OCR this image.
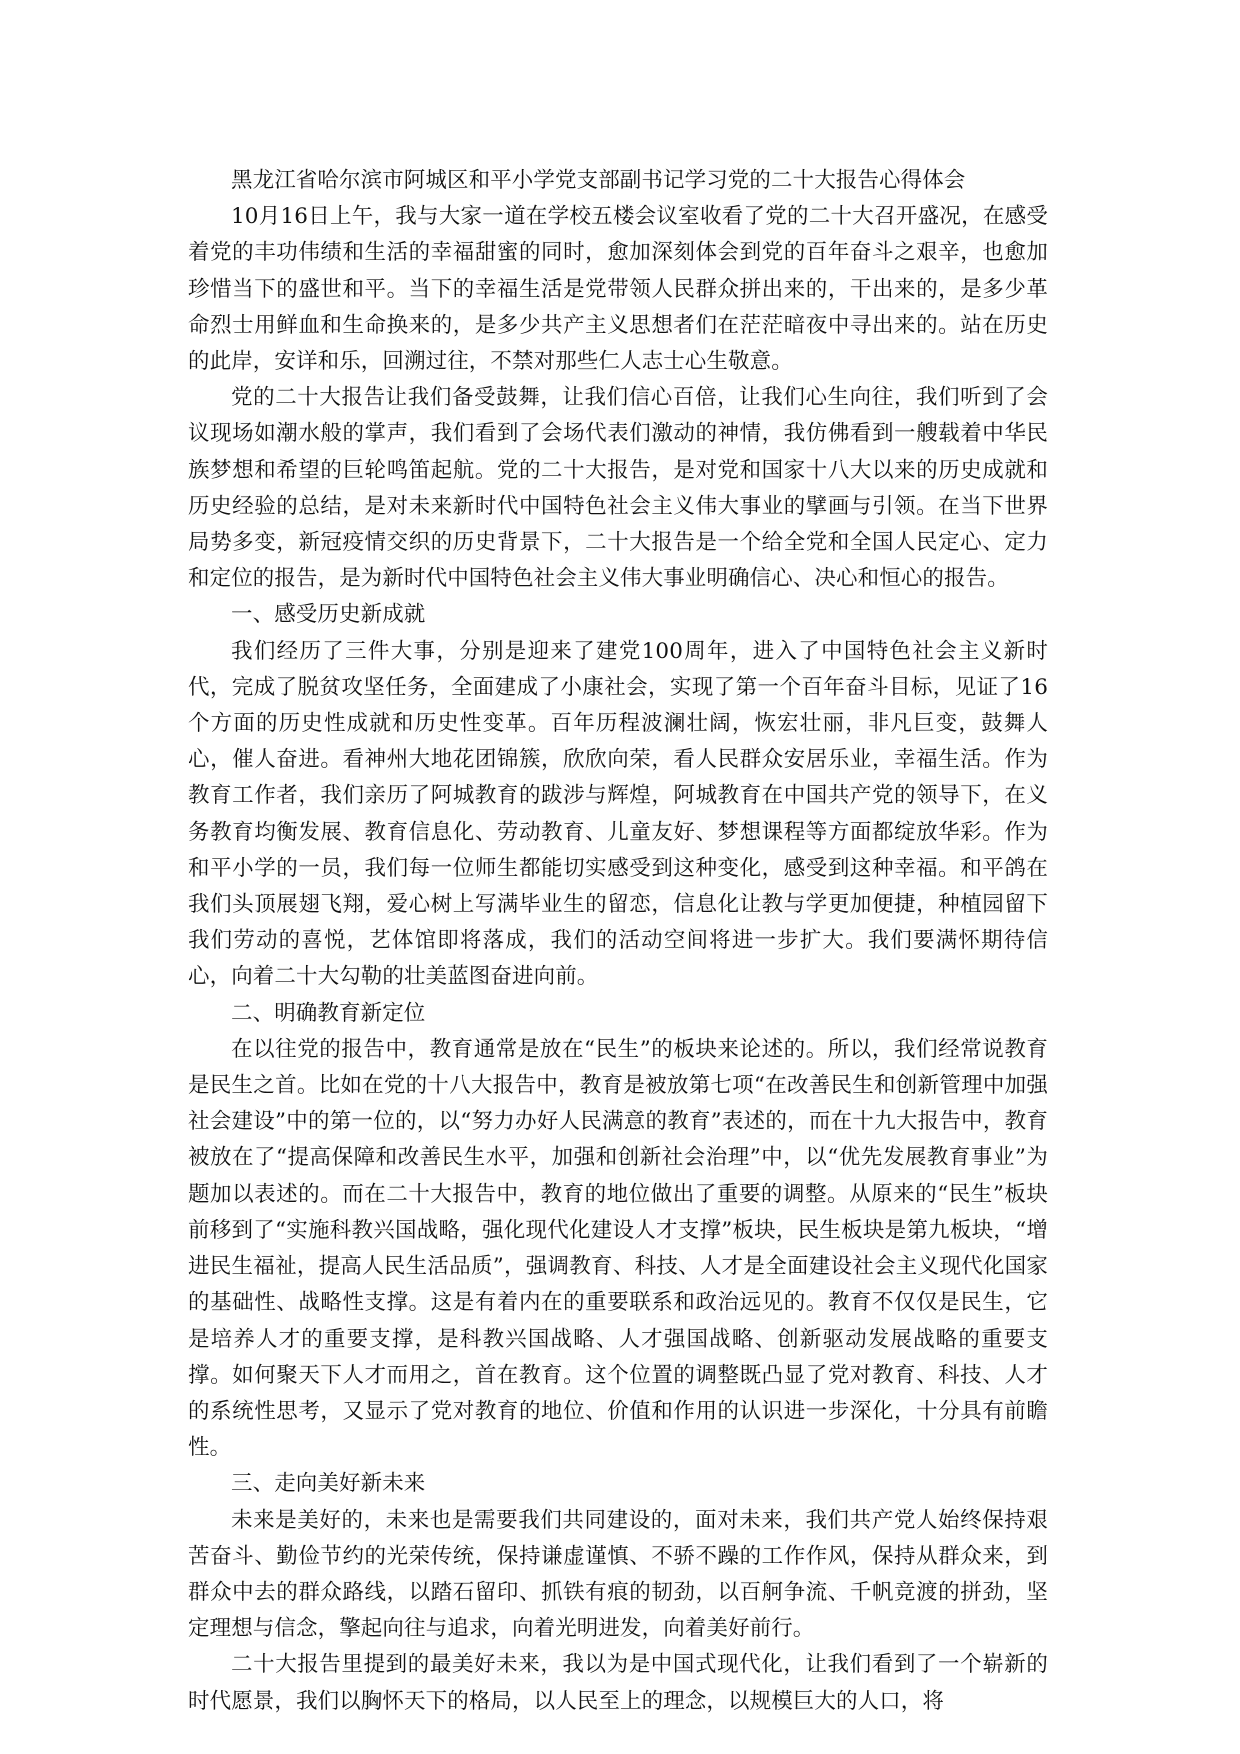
黑龙江省哈尔滨市阿城区和平小学党支部副书记学习党的二十大报告心得体会

10月16日上午，我与大家一道在学校五楼会议室收看了党的二十大召开盛况，在感受着党的丰功伟绩和生活的幸福甜蜜的同时，愈加深刻体会到党的百年奋斗之艰辛，也愈加珍惜当下的盛世和平。当下的幸福生活是党带领人民群众拼出来的，干出来的，是多少革命烈士用鲜血和生命换来的，是多少共产主义思想者们在茫茫暗夜中寻出来的。站在历史的此岸，安详和乐，回溯过往，不禁对那些仁人志士心生敬意。

党的二十大报告让我们备受鼓舞，让我们信心百倍，让我们心生向往，我们听到了会议现场如潮水般的掌声，我们看到了会场代表们激动的神情，我仿佛看到一艘载着中华民族梦想和希望的巨轮鸣笛起航。党的二十大报告，是对党和国家十八大以来的历史成就和历史经验的总结，是对未来新时代中国特色社会主义伟大事业的擘画与引领。在当下世界局势多变，新冠疫情交织的历史背景下，二十大报告是一个给全党和全国人民定心、定力和定位的报告，是为新时代中国特色社会主义伟大事业明确信心、决心和恒心的报告。

一、感受历史新成就

我们经历了三件大事，分别是迎来了建党100周年，进入了中国特色社会主义新时代，完成了脱贫攻坚任务，全面建成了小康社会，实现了第一个百年奋斗目标，见证了16个方面的历史性成就和历史性变革。百年历程波澜壮阔，恢宏壮丽，非凡巨变，鼓舞人心，催人奋进。看神州大地花团锦簇，欣欣向荣，看人民群众安居乐业，幸福生活。作为教育工作者，我们亲历了阿城教育的跋涉与辉煌，阿城教育在中国共产党的领导下，在义务教育均衡发展、教育信息化、劳动教育、儿童友好、梦想课程等方面都绽放华彩。作为和平小学的一员，我们每一位师生都能切实感受到这种变化，感受到这种幸福。和平鸽在我们头顶展翅飞翔，爱心树上写满毕业生的留恋，信息化让教与学更加便捷，种植园留下我们劳动的喜悦，艺体馆即将落成，我们的活动空间将进一步扩大。我们要满怀期待信心，向着二十大勾勒的壮美蓝图奋进向前。

二、明确教育新定位

在以往党的报告中，教育通常是放在“民生”的板块来论述的。所以，我们经常说教育是民生之首。比如在党的十八大报告中，教育是被放第七项“在改善民生和创新管理中加强社会建设”中的第一位的，以“努力办好人民满意的教育”表述的，而在十九大报告中，教育被放在了“提高保障和改善民生水平，加强和创新社会治理”中，以“优先发展教育事业”为题加以表述的。而在二十大报告中，教育的地位做出了重要的调整。从原来的“民生”板块前移到了“实施科教兴国战略，强化现代化建设人才支撑”板块，民生板块是第九板块，“增进民生福祉，提高人民生活品质”，强调教育、科技、人才是全面建设社会主义现代化国家的基础性、战略性支撑。这是有着内在的重要联系和政治远见的。教育不仅仅是民生，它是培养人才的重要支撑，是科教兴国战略、人才强国战略、创新驱动发展战略的重要支撑。如何聚天下人才而用之，首在教育。这个位置的调整既凸显了党对教育、科技、人才的系统性思考，又显示了党对教育的地位、价值和作用的认识进一步深化，十分具有前瞻性。

三、走向美好新未来

未来是美好的，未来也是需要我们共同建设的，面对未来，我们共产党人始终保持艰苦奋斗、勤俭节约的光荣传统，保持谦虚谨慎、不骄不躁的工作作风，保持从群众来，到群众中去的群众路线，以踏石留印、抓铁有痕的韧劲，以百舸争流、千帆竞渡的拼劲，坚定理想与信念，擎起向往与追求，向着光明进发，向着美好前行。

二十大报告里提到的最美好未来，我以为是中国式现代化，让我们看到了一个崭新的时代愿景，我们以胸怀天下的格局，以人民至上的理念，以规模巨大的人口，将
